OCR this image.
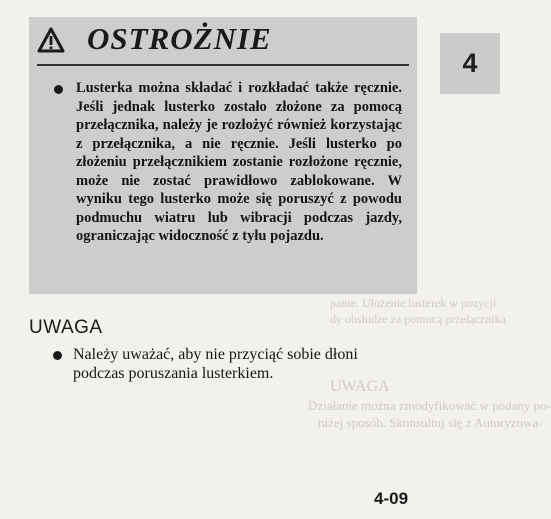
UWAGA
Działanie można zmodyfikować w podany po-
niżej sposób. Skonsultuj się z Autoryzowa-
panie. Ułożenie lusterek w pozycji
dy obsłudze za pomocą przełącznika
OSTROŻNIE
Lusterka można składać i rozkładać także ręcznie. Jeśli jednak lusterko zostało złożone za pomocą przełącznika, należy je rozłożyć również korzystając z przełącznika, a nie ręcznie. Jeśli lusterko po złożeniu przełącznikiem zostanie rozłożone ręcznie, może nie zostać prawidłowo zablokowane. W wyniku tego lusterko może się poruszyć z powodu podmuchu wiatru lub wibracji podczas jazdy, ograniczając widoczność z tyłu pojazdu.
4
UWAGA
Należy uważać, aby nie przyciąć sobie dłoni podczas poruszania lusterkiem.
4-09
